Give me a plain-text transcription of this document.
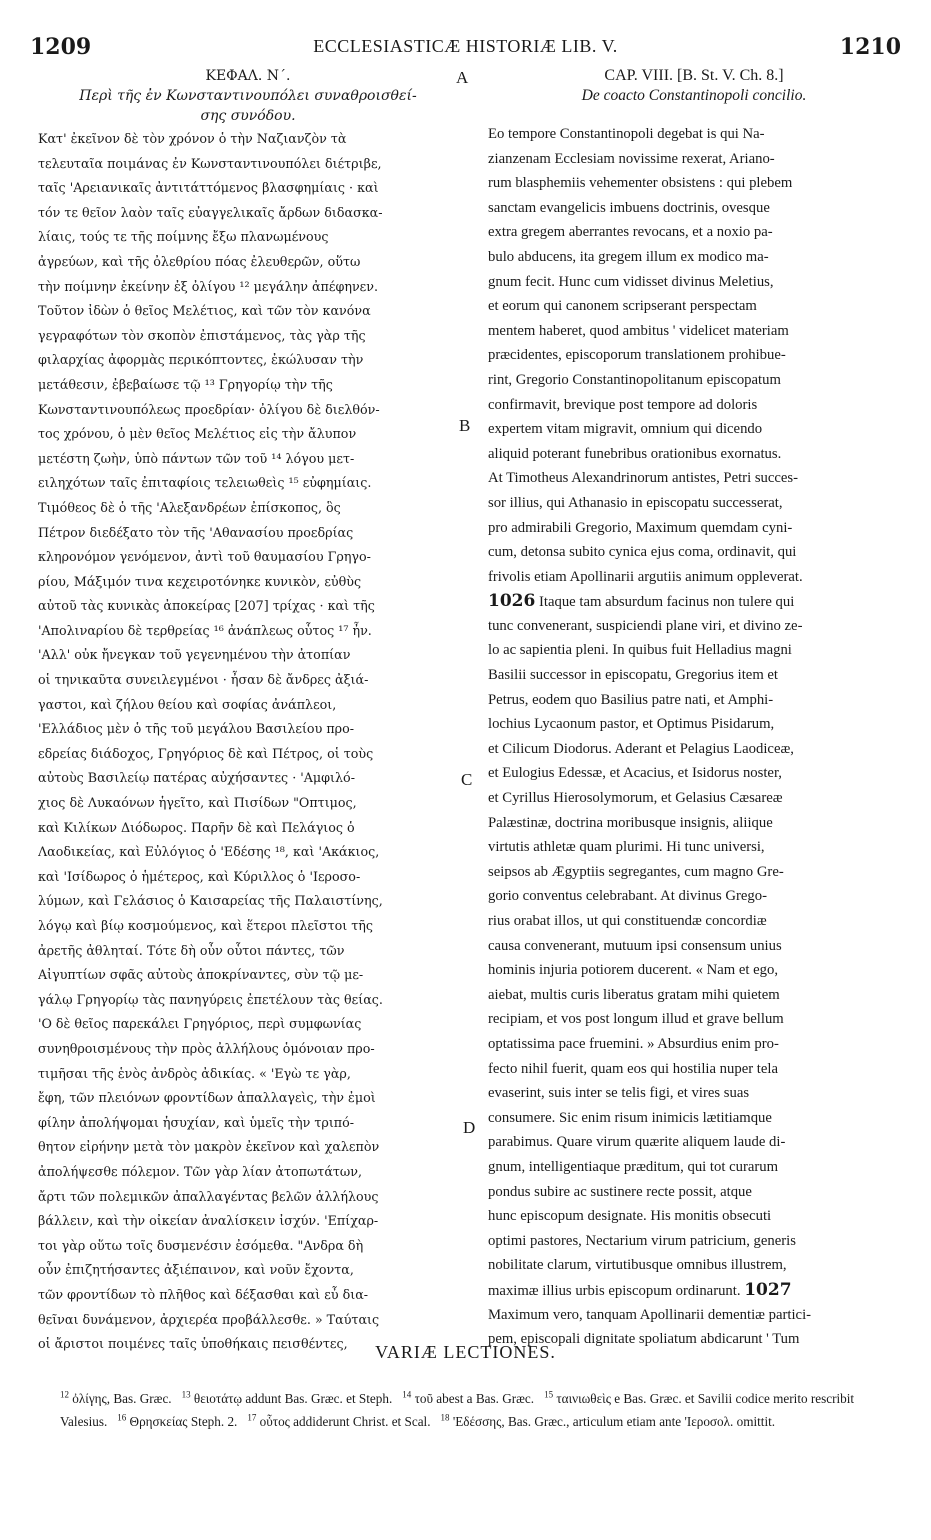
1209	ECCLESIASTICÆ HISTORIÆ LIB. V.	1210
A
B
C
D
ΚΕΦΑΛ. Ν΄.
Περὶ τῆς ἐν Κωνσταντινουπόλει συναθροισθεί-
σης συνόδου.
Κατ' ἐκεῖνον δὲ τὸν χρόνον ὁ τὴν Ναζιανζὸν τὰ
τελευταῖα ποιμάνας ἐν Κωνσταντινουπόλει διέτριβε,
ταῖς 'Αρειανικαῖς ἀντιτάττόμενος βλασφημίαις · καὶ
τόν τε θεῖον λαὸν ταῖς εὐαγγελικαῖς ἄρδων διδασκα-
λίαις, τούς τε τῆς ποίμνης ἔξω πλανωμένους
ἀγρεύων, καὶ τῆς ὀλεθρίου πόας ἐλευθερῶν, οὕτω
τὴν ποίμνην ἐκείνην ἐξ ὀλίγου ¹² μεγάλην ἀπέφηνεν.
Τοῦτον ἰδὼν ὁ θεῖος Μελέτιος, καὶ τῶν τὸν κανόνα
γεγραφότων τὸν σκοπὸν ἐπιστάμενος, τὰς γὰρ τῆς
φιλαρχίας ἀφορμὰς περικόπτοντες, ἐκώλυσαν τὴν
μετάθεσιν, ἐβεβαίωσε τῷ ¹³ Γρηγορίῳ τὴν τῆς
Κωνσταντινουπόλεως προεδρίαν· ὀλίγου δὲ διελθόν-
τος χρόνου, ὁ μὲν θεῖος Μελέτιος εἰς τὴν ἄλυπον
μετέστη ζωὴν, ὑπὸ πάντων τῶν τοῦ ¹⁴ λόγου μετ-
ειληχότων ταῖς ἐπιταφίοις τελειωθεὶς ¹⁵ εὐφημίαις.
Τιμόθεος δὲ ὁ τῆς 'Αλεξανδρέων ἐπίσκοπος, ὃς
Πέτρον διεδέξατο τὸν τῆς 'Αθανασίου προεδρίας
κληρονόμον γενόμενον, ἀντὶ τοῦ θαυμασίου Γρηγο-
ρίου, Μάξιμόν τινα κεχειροτόνηκε κυνικὸν, εὐθὺς
αὐτοῦ τὰς κυνικὰς ἀποκείρας [207] τρίχας · καὶ τῆς
'Απολιναρίου δὲ τερθρείας ¹⁶ ἀνάπλεως οὗτος ¹⁷ ἦν.
'Αλλ' οὐκ ἤνεγκαν τοῦ γεγενημένου τὴν ἀτοπίαν
οἱ τηνικαῦτα συνειλεγμένοι · ἦσαν δὲ ἄνδρες ἀξιά-
γαστοι, καὶ ζήλου θείου καὶ σοφίας ἀνάπλεοι,
'Ελλάδιος μὲν ὁ τῆς τοῦ μεγάλου Βασιλείου προ-
εδρείας διάδοχος, Γρηγόριος δὲ καὶ Πέτρος, οἱ τοὺς
αὐτοὺς Βασιλείῳ πατέρας αὐχήσαντες · 'Αμφιλό-
χιος δὲ Λυκαόνων ἡγεῖτο, καὶ Πισίδων "Οπτιμος,
καὶ Κιλίκων Διόδωρος. Παρῆν δὲ καὶ Πελάγιος ὁ
Λαοδικείας, καὶ Εὐλόγιος ὁ 'Εδέσης ¹⁸, καὶ 'Ακάκιος,
καὶ 'Ισίδωρος ὁ ἡμέτερος, καὶ Κύριλλος ὁ 'Ιεροσο-
λύμων, καὶ Γελάσιος ὁ Καισαρείας τῆς Παλαιστίνης,
λόγῳ καὶ βίῳ κοσμούμενος, καὶ ἕτεροι πλεῖστοι τῆς
ἀρετῆς ἀθληταί. Τότε δὴ οὖν οὗτοι πάντες, τῶν
Αἰγυπτίων σφᾶς αὐτοὺς ἀποκρίναντες, σὺν τῷ με-
γάλῳ Γρηγορίῳ τὰς πανηγύρεις ἐπετέλουν τὰς θείας.
'Ο δὲ θεῖος παρεκάλει Γρηγόριος, περὶ συμφωνίας
συνηθροισμένους τὴν πρὸς ἀλλήλους ὁμόνοιαν προ-
τιμῆσαι τῆς ἑνὸς ἀνδρὸς ἀδικίας. « 'Εγὼ τε γὰρ,
ἔφη, τῶν πλειόνων φροντίδων ἀπαλλαγεὶς, τὴν ἐμοὶ
φίλην ἀπολήψομαι ἡσυχίαν, καὶ ὑμεῖς τὴν τριπό-
θητον εἰρήνην μετὰ τὸν μακρὸν ἐκεῖνον καὶ χαλεπὸν
ἀπολήψεσθε πόλεμον. Τῶν γὰρ λίαν ἀτοπωτάτων,
ἄρτι τῶν πολεμικῶν ἀπαλλαγέντας βελῶν ἀλλήλους
βάλλειν, καὶ τὴν οἰκείαν ἀναλίσκειν ἰσχύν. 'Επίχαρ-
τοι γὰρ οὕτω τοῖς δυσμενέσιν ἐσόμεθα. "Ανδρα δὴ
οὖν ἐπιζητήσαντες ἀξιέπαινον, καὶ νοῦν ἔχοντα,
τῶν φροντίδων τὸ πλῆθος καὶ δέξασθαι καὶ εὖ δια-
θεῖναι δυνάμενον, ἀρχιερέα προβάλλεσθε. » Ταύταις
οἱ ἄριστοι ποιμένες ταῖς ὑποθήκαις πεισθέντες,
CAP. VIII. [B. St. V. Ch. 8.]
De coacto Constantinopoli concilio.
Eo tempore Constantinopoli degebat is qui Na-
zianzenam Ecclesiam novissime rexerat, Ariano-
rum blasphemiis vehementer obsistens : qui plebem
sanctam evangelicis imbuens doctrinis, ovesque
extra gregem aberrantes revocans, et a noxio pa-
bulo abducens, ita gregem illum ex modico ma-
gnum fecit. Hunc cum vidisset divinus Meletius,
et eorum qui canonem scripserant perspectam
mentem haberet, quod ambitus ' videlicet materiam
præcidentes, episcoporum translationem prohibue-
rint, Gregorio Constantinopolitanum episcopatum
confirmavit, brevique post tempore ad doloris
expertem vitam migravit, omnium qui dicendo
aliquid poterant funebribus orationibus exornatus.
At Timotheus Alexandrinorum antistes, Petri succes-
sor illius, qui Athanasio in episcopatu successerat,
pro admirabili Gregorio, Maximum quemdam cyni-
cum, detonsa subito cynica ejus coma, ordinavit, qui
frivolis etiam Apollinarii argutiis animum oppleverat.
1026 Itaque tam absurdum facinus non tulere qui
tunc convenerant, suspiciendi plane viri, et divino ze-
lo ac sapientia pleni. In quibus fuit Helladius magni
Basilii successor in episcopatu, Gregorius item et
Petrus, eodem quo Basilius patre nati, et Amphi-
lochius Lycaonum pastor, et Optimus Pisidarum,
et Cilicum Diodorus. Aderant et Pelagius Laodiceæ,
et Eulogius Edessæ, et Acacius, et Isidorus noster,
et Cyrillus Hierosolymorum, et Gelasius Cæsareæ
Palæstinæ, doctrina moribusque insignis, aliique
virtutis athletæ quam plurimi. Hi tunc universi,
seipsos ab Ægyptiis segregantes, cum magno Gre-
gorio conventus celebrabant. At divinus Grego-
rius orabat illos, ut qui constituendæ concordiæ
causa convenerant, mutuum ipsi consensum unius
hominis injuria potiorem ducerent. « Nam et ego,
aiebat, multis curis liberatus gratam mihi quietem
recipiam, et vos post longum illud et grave bellum
optatissima pace fruemini. » Absurdius enim pro-
fecto nihil fuerit, quam eos qui hostilia nuper tela
evaserint, suis inter se telis figi, et vires suas
consumere. Sic enim risum inimicis lætitiamque
parabimus. Quare virum quærite aliquem laude di-
gnum, intelligentiaque præditum, qui tot curarum
pondus subire ac sustinere recte possit, atque
hunc episcopum designate. His monitis obsecuti
optimi pastores, Nectarium virum patricium, generis
nobilitate clarum, virtutibusque omnibus illustrem,
maximæ illius urbis episcopum ordinarunt. 1027
Maximum vero, tanquam Apollinarii dementiæ partici-
pem, episcopali dignitate spoliatum abdicarunt ' Tum
VARIÆ LECTIONES.
$^{12}$ ὀλίγης, Bas. Græc. $^{13}$ θειοτάτῳ addunt Bas. Græc. et Steph. $^{14}$ τοῦ abest a Bas. Græc. $^{15}$ ταινιωθεὶς e Bas. Græc. et Savilii codice merito rescribit Valesius. $^{16}$ Θρησκείας Steph. 2. $^{17}$ οὗτος addiderunt Christ. et Scal. $^{18}$ 'Εδέσσης, Bas. Græc., articulum etiam ante 'Ιεροσολ. omittit.
